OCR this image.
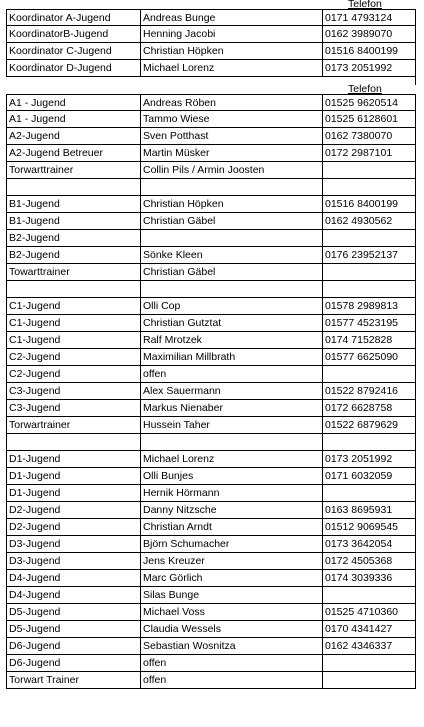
Telefon
Koordinator A-Jugend	Andreas Bunge	0171 4793124
KoordinatorB-Jugend	Henning Jacobi	0162 3989070
Koordinator C-Jugend	Christian Höpken	01516 8400199
Koordinator D-Jugend	Michael Lorenz	0173 2051992
Telefon
A1 - Jugend	Andreas Röben	01525 9620514
A1 - Jugend	Tammo Wiese	01525 6128601
A2-Jugend	Sven Potthast	0162 7380070
A2-Jugend Betreuer	Martin Müsker	0172 2987101
Torwarttrainer	Collin Pils / Armin Joosten
B1-Jugend	Christian Höpken	01516 8400199
B1-Jugend	Christian Gäbel	0162 4930562
B2-Jugend
B2-Jugend	Sönke Kleen	0176 23952137
Towarttrainer	Christian Gäbel
C1-Jugend	Olli Cop	01578 2989813
C1-Jugend	Christian Gutztat	01577 4523195
C1-Jugend	Ralf Mrotzek	0174 7152828
C2-Jugend	Maximilian Millbrath	01577 6625090
C2-Jugend	offen
C3-Jugend	Alex Sauermann	01522 8792416
C3-Jugend	Markus Nienaber	0172 6628758
Torwartrainer	Hussein Taher	01522 6879629
D1-Jugend	Michael Lorenz	0173 2051992
D1-Jugend	Olli Bunjes	0171 6032059
D1-Jugend	Hernik Hörmann
D2-Jugend	Danny Nitzsche	0163 8695931
D2-Jugend	Christian Arndt	01512 9069545
D3-Jugend	Björn Schumacher	0173 3642054
D3-Jugend	Jens Kreuzer	0172 4505368
D4-Jugend	Marc Görlich	0174 3039336
D4-Jugend	Silas Bunge
D5-Jugend	Michael Voss	01525 4710360
D5-Jugend	Claudia Wessels	0170 4341427
D6-Jugend	Sebastian Wosnitza	0162 4346337
D6-Jugend	offen
Torwart Trainer	offen
